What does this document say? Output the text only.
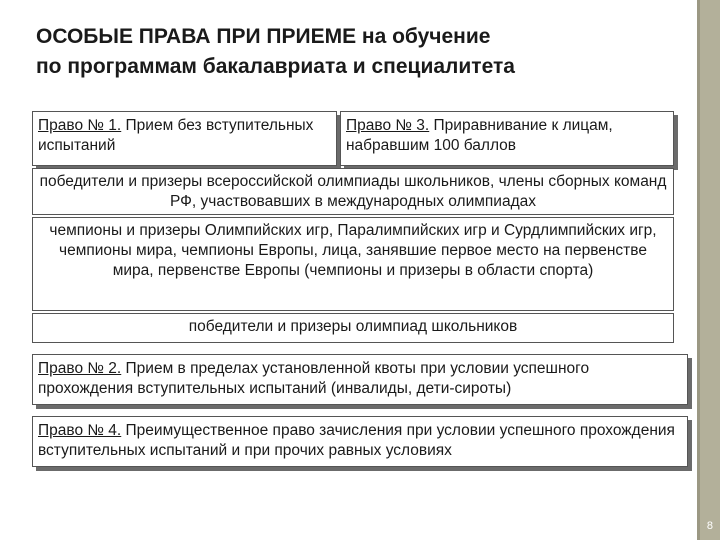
ОСОБЫЕ ПРАВА ПРИ ПРИЕМЕ на обучение
по программам бакалавриата и специалитета
Право № 1. Прием без вступительных испытаний
Право № 3. Приравнивание к лицам, набравшим 100 баллов
победители и призеры всероссийской олимпиады школьников, члены сборных команд РФ, участвовавших в международных олимпиадах
чемпионы и призеры Олимпийских игр, Паралимпийских игр и Сурдлимпийских игр, чемпионы мира, чемпионы Европы, лица, занявшие первое место на первенстве мира, первенстве Европы (чемпионы и призеры в области спорта)
победители и призеры олимпиад школьников
Право № 2. Прием в пределах установленной квоты при условии успешного прохождения вступительных испытаний (инвалиды, дети-сироты)
Право № 4. Преимущественное право зачисления при условии успешного прохождения вступительных испытаний и при прочих равных условиях
8
